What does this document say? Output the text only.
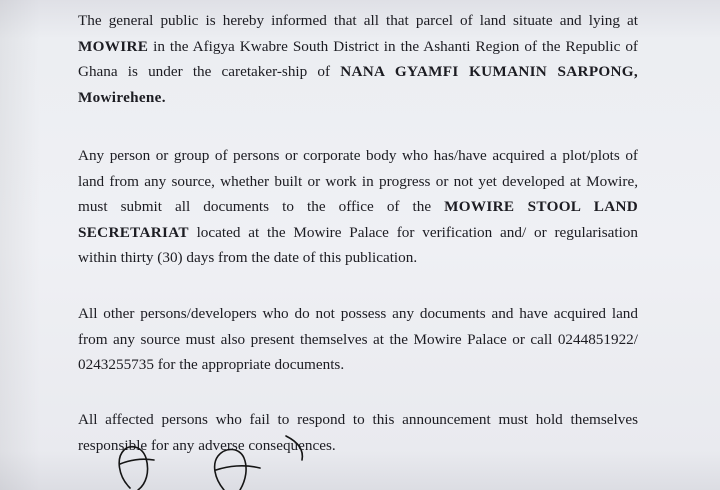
The general public is hereby informed that all that parcel of land situate and lying at MOWIRE in the Afigya Kwabre South District in the Ashanti Region of the Republic of Ghana is under the caretaker-ship of NANA GYAMFI KUMANIN SARPONG, Mowirehene.

Any person or group of persons or corporate body who has/have acquired a plot/plots of land from any source, whether built or work in progress or not yet developed at Mowire, must submit all documents to the office of the MOWIRE STOOL LAND SECRETARIAT located at the Mowire Palace for verification and/ or regularisation within thirty (30) days from the date of this publication.

All other persons/developers who do not possess any documents and have acquired land from any source must also present themselves at the Mowire Palace or call 0244851922/ 0243255735 for the appropriate documents.

All affected persons who fail to respond to this announcement must hold themselves responsible for any adverse consequences.
